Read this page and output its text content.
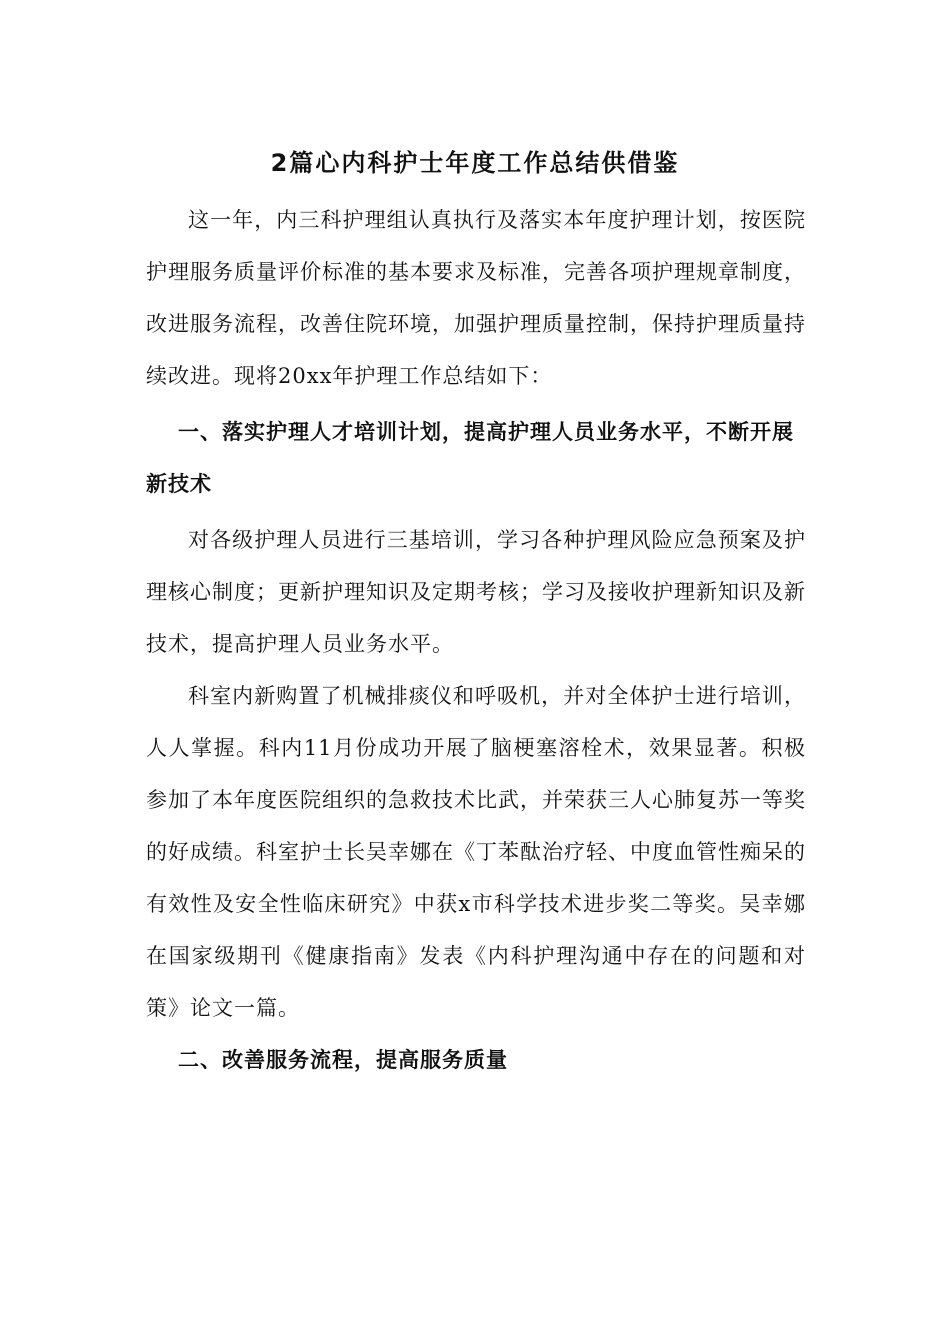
2篇心内科护士年度工作总结供借鉴

这一年，内三科护理组认真执行及落实本年度护理计划，按医院护理服务质量评价标准的基本要求及标准，完善各项护理规章制度，改进服务流程，改善住院环境，加强护理质量控制，保持护理质量持续改进。现将20xx年护理工作总结如下：

一、落实护理人才培训计划，提高护理人员业务水平，不断开展新技术

对各级护理人员进行三基培训，学习各种护理风险应急预案及护理核心制度；更新护理知识及定期考核；学习及接收护理新知识及新技术，提高护理人员业务水平。

科室内新购置了机械排痰仪和呼吸机，并对全体护士进行培训，人人掌握。科内11月份成功开展了脑梗塞溶栓术，效果显著。积极参加了本年度医院组织的急救技术比武，并荣获三人心肺复苏一等奖的好成绩。科室护士长吴幸娜在《丁苯酞治疗轻、中度血管性痴呆的有效性及安全性临床研究》中获x市科学技术进步奖二等奖。吴幸娜在国家级期刊《健康指南》发表《内科护理沟通中存在的问题和对策》论文一篇。

二、改善服务流程，提高服务质量
